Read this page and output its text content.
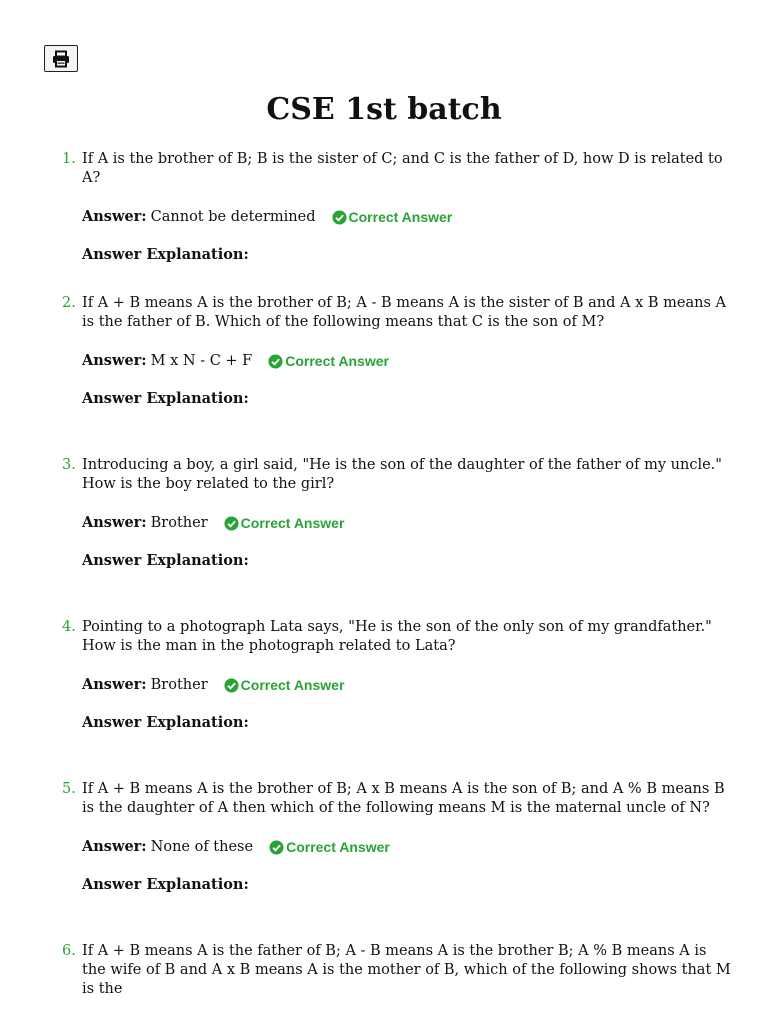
CSE 1st batch
1. If A is the brother of B; B is the sister of C; and C is the father of D, how D is related to A?
Answer: Cannot be determined Correct Answer
Answer Explanation:
2. If A + B means A is the brother of B; A - B means A is the sister of B and A x B means A is the father of B. Which of the following means that C is the son of M?
Answer: M x N - C + F Correct Answer
Answer Explanation:
3. Introducing a boy, a girl said, "He is the son of the daughter of the father of my uncle." How is the boy related to the girl?
Answer: Brother Correct Answer
Answer Explanation:
4. Pointing to a photograph Lata says, "He is the son of the only son of my grandfather." How is the man in the photograph related to Lata?
Answer: Brother Correct Answer
Answer Explanation:
5. If A + B means A is the brother of B; A x B means A is the son of B; and A % B means B is the daughter of A then which of the following means M is the maternal uncle of N?
Answer: None of these Correct Answer
Answer Explanation:
6. If A + B means A is the father of B; A - B means A is the brother B; A % B means A is the wife of B and A x B means A is the mother of B, which of the following shows that M is the
